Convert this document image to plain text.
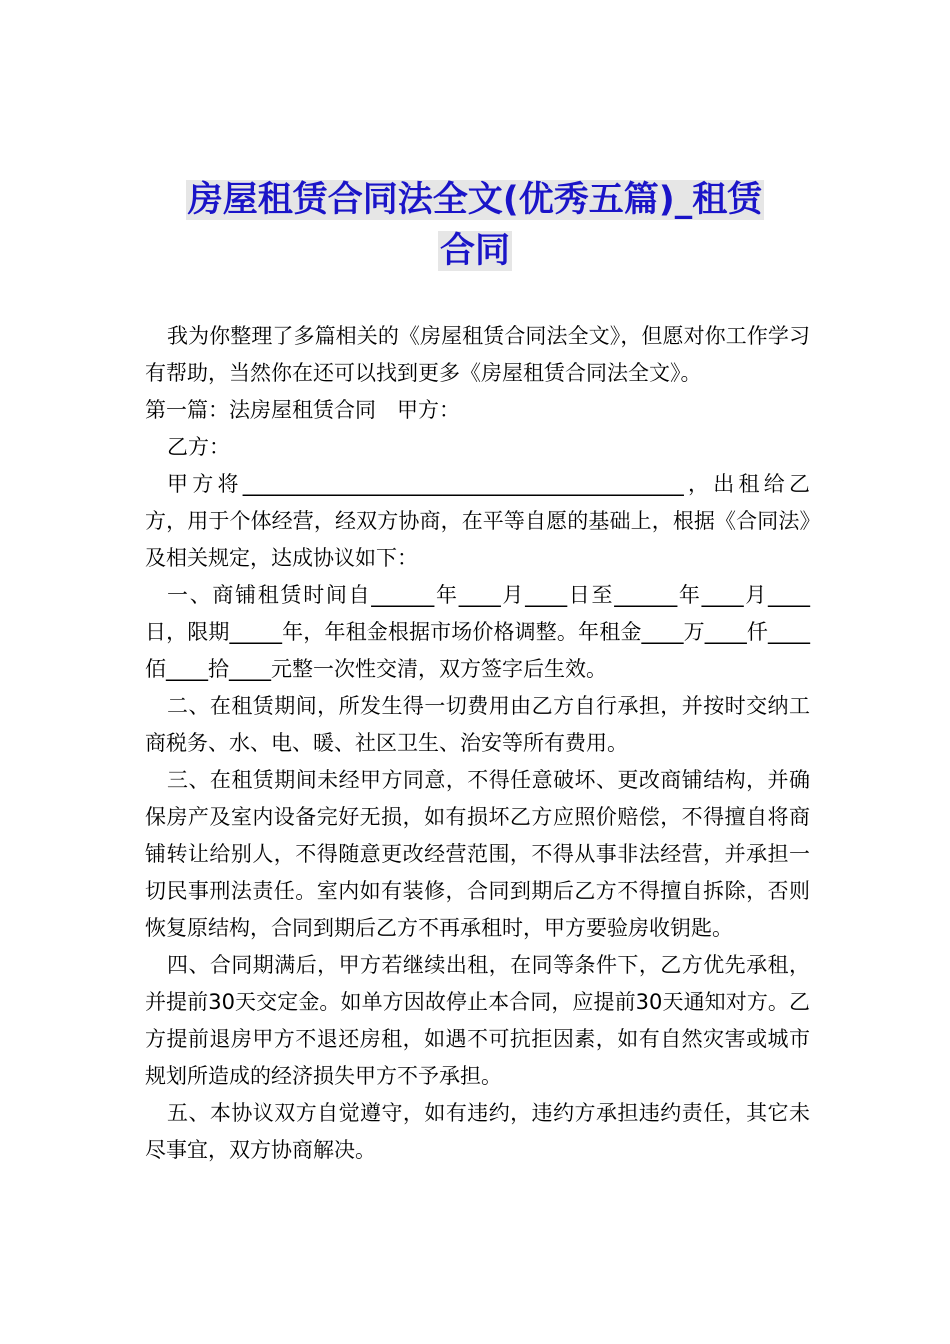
房屋租赁合同法全文(优秀五篇)_租赁
合同

我为你整理了多篇相关的《房屋租赁合同法全文》，但愿对你工作学习有帮助，当然你在还可以找到更多《房屋租赁合同法全文》。

第一篇：法房屋租赁合同　甲方：

乙方：

甲方将__________________________________________，出租给乙方，用于个体经营，经双方协商，在平等自愿的基础上，根据《合同法》及相关规定，达成协议如下：

一、商铺租赁时间自______年____月____日至______年____月____日，限期_____年，年租金根据市场价格调整。年租金____万____仟____佰____拾____元整一次性交清，双方签字后生效。

二、在租赁期间，所发生得一切费用由乙方自行承担，并按时交纳工商税务、水、电、暖、社区卫生、治安等所有费用。

三、在租赁期间未经甲方同意，不得任意破坏、更改商铺结构，并确保房产及室内设备完好无损，如有损坏乙方应照价赔偿，不得擅自将商铺转让给别人，不得随意更改经营范围，不得从事非法经营，并承担一切民事刑法责任。室内如有装修，合同到期后乙方不得擅自拆除，否则恢复原结构，合同到期后乙方不再承租时，甲方要验房收钥匙。

四、合同期满后，甲方若继续出租，在同等条件下，乙方优先承租，并提前30天交定金。如单方因故停止本合同，应提前30天通知对方。乙方提前退房甲方不退还房租，如遇不可抗拒因素，如有自然灾害或城市规划所造成的经济损失甲方不予承担。

五、本协议双方自觉遵守，如有违约，违约方承担违约责任，其它未尽事宜，双方协商解决。
